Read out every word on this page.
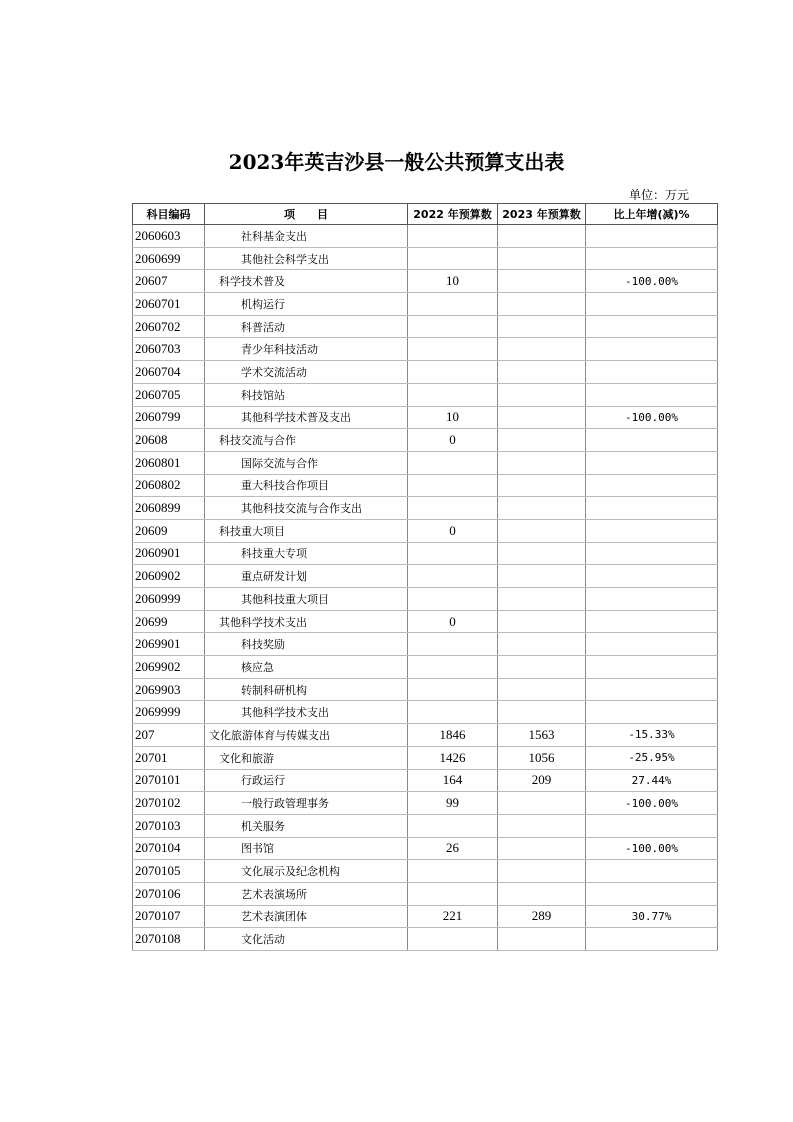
2023年英吉沙县一般公共预算支出表
单位：万元
科目编码	项　　目	2022 年预算数	2023 年预算数	比上年增(减)%
2060603	社科基金支出			
2060699	其他社会科学支出			
20607	科学技术普及	10		-100.00%
2060701	机构运行			
2060702	科普活动			
2060703	青少年科技活动			
2060704	学术交流活动			
2060705	科技馆站			
2060799	其他科学技术普及支出	10		-100.00%
20608	科技交流与合作	0		
2060801	国际交流与合作			
2060802	重大科技合作项目			
2060899	其他科技交流与合作支出			
20609	科技重大项目	0		
2060901	科技重大专项			
2060902	重点研发计划			
2060999	其他科技重大项目			
20699	其他科学技术支出	0		
2069901	科技奖励			
2069902	核应急			
2069903	转制科研机构			
2069999	其他科学技术支出			
207	文化旅游体育与传媒支出	1846	1563	-15.33%
20701	文化和旅游	1426	1056	-25.95%
2070101	行政运行	164	209	27.44%
2070102	一般行政管理事务	99		-100.00%
2070103	机关服务			
2070104	图书馆	26		-100.00%
2070105	文化展示及纪念机构			
2070106	艺术表演场所			
2070107	艺术表演团体	221	289	30.77%
2070108	文化活动			
